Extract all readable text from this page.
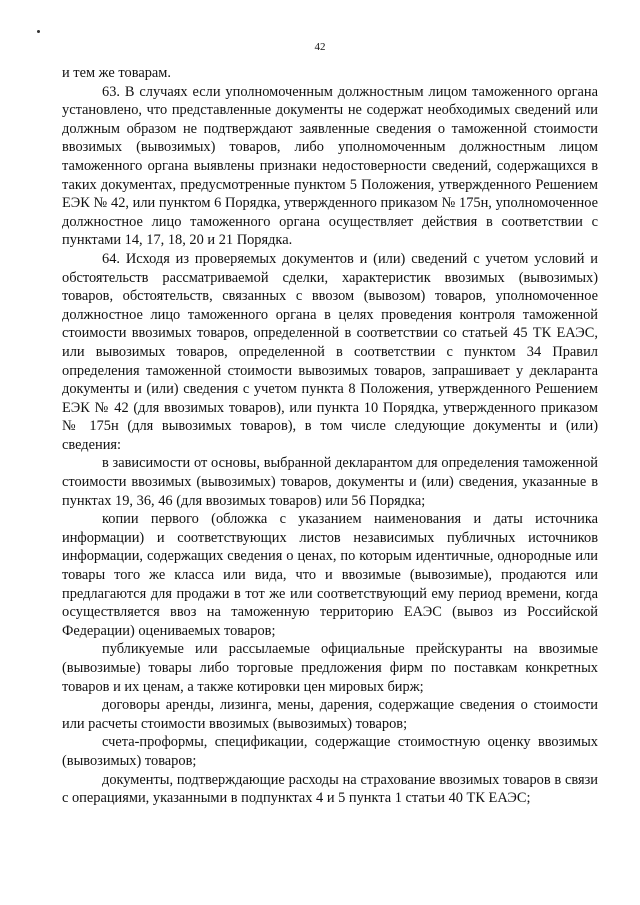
42

и тем же товарам.

63. В случаях если уполномоченным должностным лицом таможенного органа установлено, что представленные документы не содержат необходимых сведений или должным образом не подтверждают заявленные сведения о таможенной стоимости ввозимых (вывозимых) товаров, либо уполномоченным должностным лицом таможенного органа выявлены признаки недостоверности сведений, содержащихся в таких документах, предусмотренные пунктом 5 Положения, утвержденного Решением ЕЭК № 42, или пунктом 6 Порядка, утвержденного приказом № 175н, уполномоченное должностное лицо таможенного органа осуществляет действия в соответствии с пунктами 14, 17, 18, 20 и 21 Порядка.

64. Исходя из проверяемых документов и (или) сведений с учетом условий и обстоятельств рассматриваемой сделки, характеристик ввозимых (вывозимых) товаров, обстоятельств, связанных с ввозом (вывозом) товаров, уполномоченное должностное лицо таможенного органа в целях проведения контроля таможенной стоимости ввозимых товаров, определенной в соответствии со статьей 45 ТК ЕАЭС, или вывозимых товаров, определенной в соответствии с пунктом 34 Правил определения таможенной стоимости вывозимых товаров, запрашивает у декларанта документы и (или) сведения с учетом пункта 8 Положения, утвержденного Решением ЕЭК № 42 (для ввозимых товаров), или пункта 10 Порядка, утвержденного приказом № 175н (для вывозимых товаров), в том числе следующие документы и (или) сведения:

в зависимости от основы, выбранной декларантом для определения таможенной стоимости ввозимых (вывозимых) товаров, документы и (или) сведения, указанные в пунктах 19, 36, 46 (для ввозимых товаров) или 56 Порядка;

копии первого (обложка с указанием наименования и даты источника информации) и соответствующих листов независимых публичных источников информации, содержащих сведения о ценах, по которым идентичные, однородные или товары того же класса или вида, что и ввозимые (вывозимые), продаются или предлагаются для продажи в тот же или соответствующий ему период времени, когда осуществляется ввоз на таможенную территорию ЕАЭС (вывоз из Российской Федерации) оцениваемых товаров;

публикуемые или рассылаемые официальные прейскуранты на ввозимые (вывозимые) товары либо торговые предложения фирм по поставкам конкретных товаров и их ценам, а также котировки цен мировых бирж;

договоры аренды, лизинга, мены, дарения, содержащие сведения о стоимости или расчеты стоимости ввозимых (вывозимых) товаров;

счета-проформы, спецификации, содержащие стоимостную оценку ввозимых (вывозимых) товаров;

документы, подтверждающие расходы на страхование ввозимых товаров в связи с операциями, указанными в подпунктах 4 и 5 пункта 1 статьи 40 ТК ЕАЭС;
